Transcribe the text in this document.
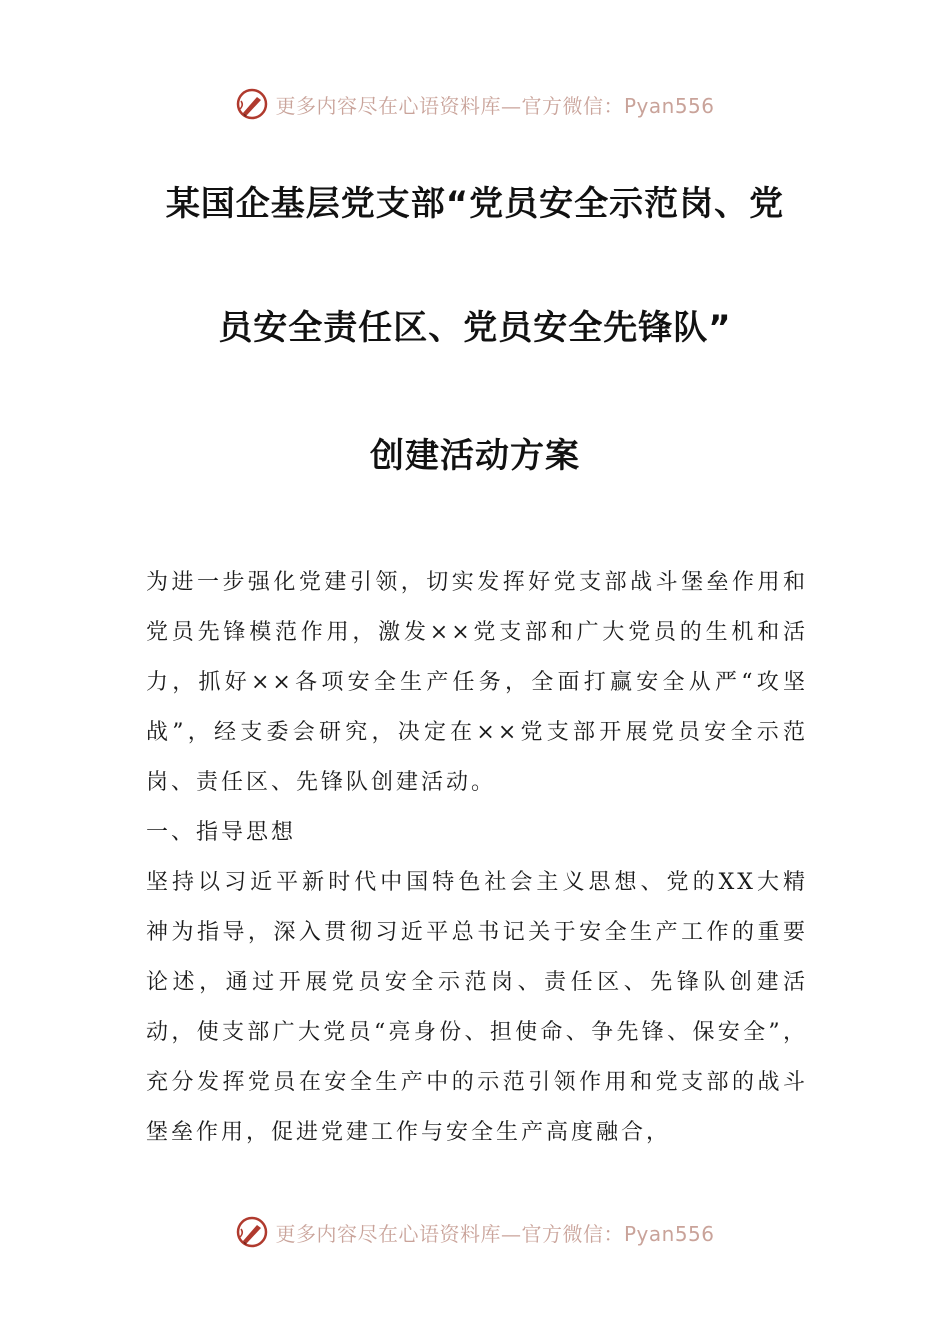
更多内容尽在心语资料库—官方微信：Pyan556
某国企基层党支部“党员安全示范岗、党
员安全责任区、党员安全先锋队”
创建活动方案

为进一步强化党建引领，切实发挥好党支部战斗堡垒作用和党员先锋模范作用，激发××党支部和广大党员的生机和活力，抓好××各项安全生产任务，全面打赢安全从严“攻坚战”，经支委会研究，决定在××党支部开展党员安全示范岗、责任区、先锋队创建活动。

一、指导思想

坚持以习近平新时代中国特色社会主义思想、党的XX大精神为指导，深入贯彻习近平总书记关于安全生产工作的重要论述，通过开展党员安全示范岗、责任区、先锋队创建活动，使支部广大党员“亮身份、担使命、争先锋、保安全”，充分发挥党员在安全生产中的示范引领作用和党支部的战斗堡垒作用，促进党建工作与安全生产高度融合，

更多内容尽在心语资料库—官方微信：Pyan556
